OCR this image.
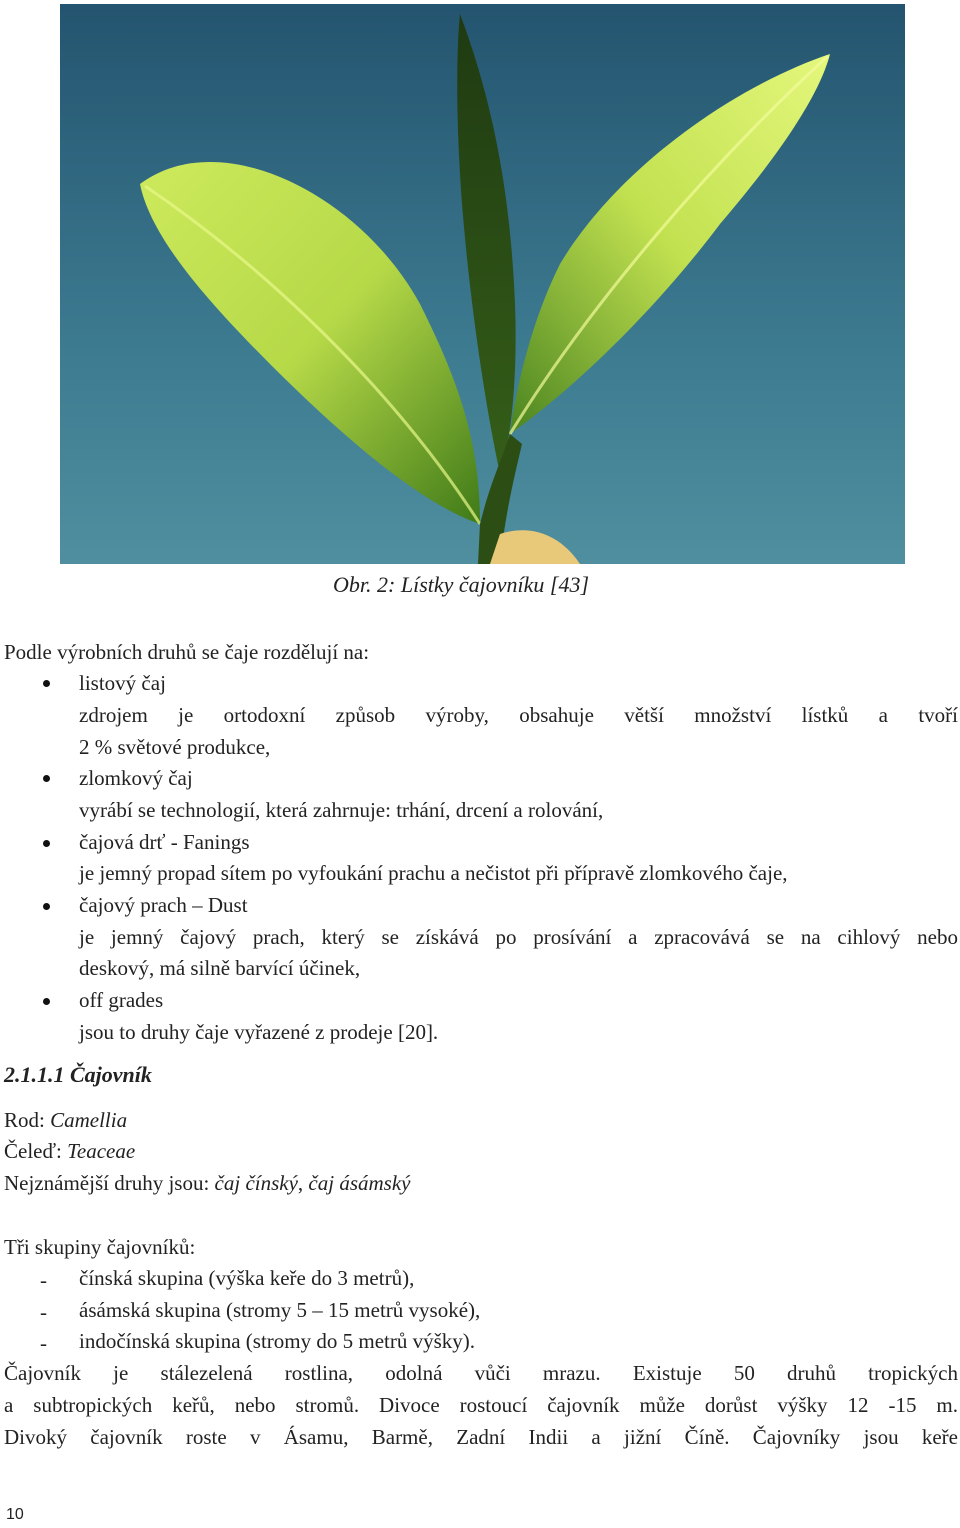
Obr. 2: Lístky čajovníku [43]
Podle výrobních druhů se čaje rozdělují na:
listový čaj
zdrojem je ortodoxní způsob výroby, obsahuje větší množství lístků a tvoří
2 % světové produkce,
zlomkový čaj
vyrábí se technologií, která zahrnuje: trhání, drcení a rolování,
čajová drť - Fanings
je jemný propad sítem po vyfoukání prachu a nečistot při přípravě zlomkového čaje,
čajový prach – Dust
je jemný čajový prach, který se získává po prosívání a zpracovává se na cihlový nebo
deskový, má silně barvící účinek,
off grades
jsou to druhy čaje vyřazené z prodeje [20].
2.1.1.1 Čajovník
Rod: Camellia
Čeleď: Teaceae
Nejznámější druhy jsou: čaj čínský, čaj ásámský
Tři skupiny čajovníků:
- čínská skupina (výška keře do 3 metrů),
- ásámská skupina (stromy 5 – 15 metrů vysoké),
- indočínská skupina (stromy do 5 metrů výšky).
Čajovník je stálezelená rostlina, odolná vůči mrazu. Existuje 50 druhů tropických
a subtropických keřů, nebo stromů. Divoce rostoucí čajovník může dorůst výšky 12 -15 m.
Divoký čajovník roste v Ásamu, Barmě, Zadní Indii a jižní Číně. Čajovníky jsou keře
10
